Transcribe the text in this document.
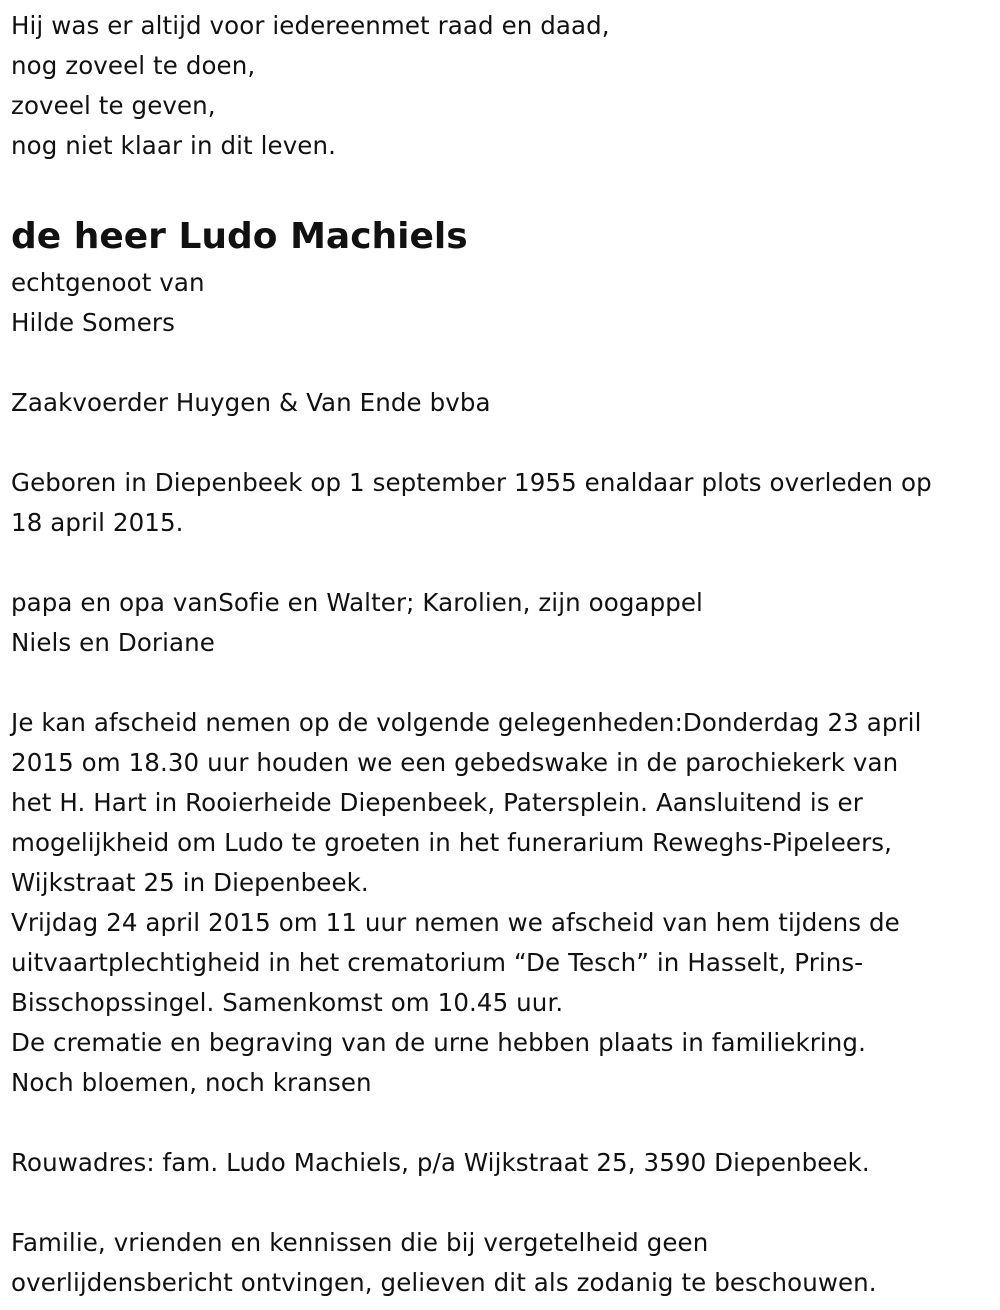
Hij was er altijd voor iedereenmet raad en daad,
nog zoveel te doen,
zoveel te geven,
nog niet klaar in dit leven.
de heer Ludo Machiels
echtgenoot van
Hilde Somers
Zaakvoerder Huygen & Van Ende bvba
Geboren in Diepenbeek op 1 september 1955 enaldaar plots overleden op
18 april 2015.
papa en opa vanSofie en Walter; Karolien, zijn oogappel
Niels en Doriane
Je kan afscheid nemen op de volgende gelegenheden:Donderdag 23 april
2015 om 18.30 uur houden we een gebedswake in de parochiekerk van
het H. Hart in Rooierheide Diepenbeek, Patersplein. Aansluitend is er
mogelijkheid om Ludo te groeten in het funerarium Reweghs-Pipeleers,
Wijkstraat 25 in Diepenbeek.
Vrijdag 24 april 2015 om 11 uur nemen we afscheid van hem tijdens de
uitvaartplechtigheid in het crematorium “De Tesch” in Hasselt, Prins-
Bisschopssingel. Samenkomst om 10.45 uur.
De crematie en begraving van de urne hebben plaats in familiekring.
Noch bloemen, noch kransen
Rouwadres: fam. Ludo Machiels, p/a Wijkstraat 25, 3590 Diepenbeek.
Familie, vrienden en kennissen die bij vergetelheid geen
overlijdensbericht ontvingen, gelieven dit als zodanig te beschouwen.
